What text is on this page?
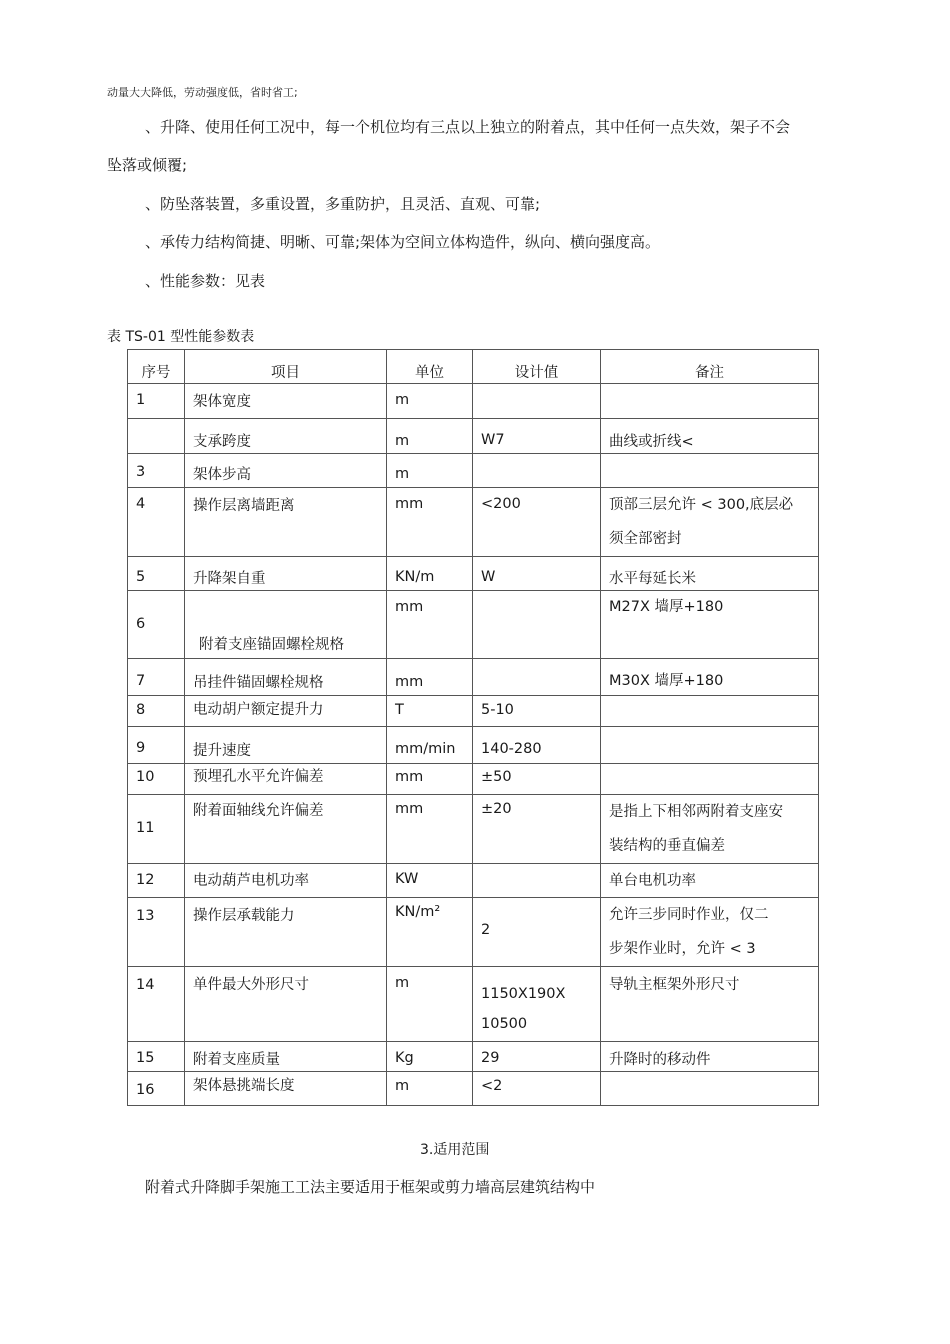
动量大大降低，劳动强度低，省时省工;
、升降、使用任何工况中，每一个机位均有三点以上独立的附着点，其中任何一点失效，架子不会
坠落或倾覆;
、防坠落装置，多重设置，多重防护，且灵活、直观、可靠;
、承传力结构简捷、明晰、可靠;架体为空间立体构造件，纵向、横向强度高。
、性能参数：见表
表 TS-01 型性能参数表
序号	项目	单位	设计值	备注
1	架体宽度	m		
	支承跨度	m	W7	曲线或折线<
3	架体步高	m		
4	操作层离墙距离	mm	<200	顶部三层允许 < 300,底层必
须全部密封

5	升降架自重	KN/m	W	水平每延长米
6	附着支座锚固螺栓规格	mm		M27X 墙厚+180
7	吊挂件锚固螺栓规格	mm		M30X 墙厚+180
8	电动胡户额定提升力	T	5-10	
9	提升速度	mm/min	140-280	
10	预埋孔水平允许偏差	mm	±50	
11	附着面轴线允许偏差	mm	±20	是指上下相邻两附着支座安
装结构的垂直偏差

12	电动葫芦电机功率	KW		单台电机功率
13	操作层承载能力	KN/m²	2	允许三步同时作业，仅二
步架作业时，允许 < 3

14	单件最大外形尺寸	m	1150X190X
10500	导轨主框架外形尺寸
15	附着支座质量	Kg	29	升降时的移动件
16	架体悬挑端长度	m	<2	
3.适用范围
附着式升降脚手架施工工法主要适用于框架或剪力墙高层建筑结构中
